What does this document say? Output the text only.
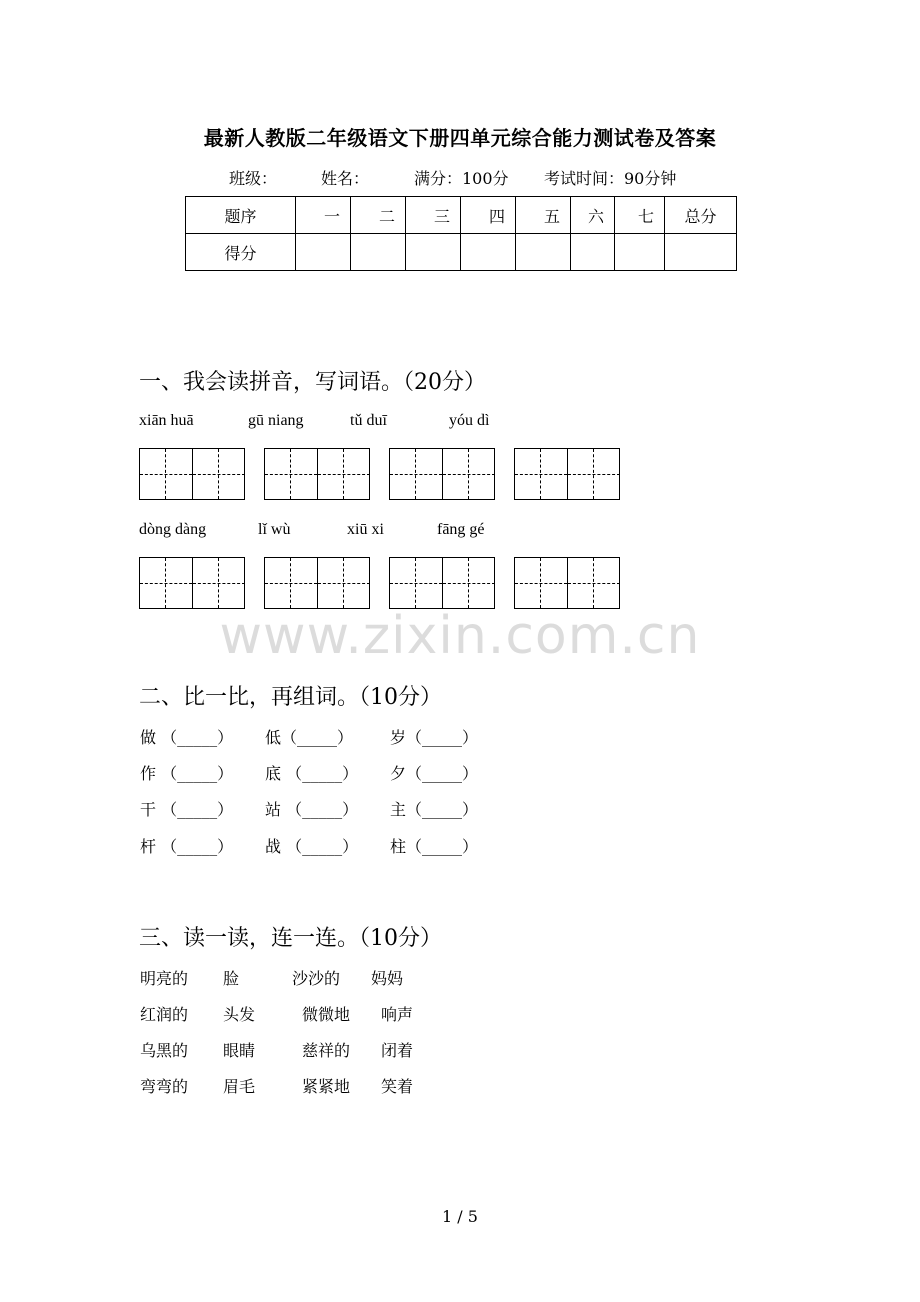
最新人教版二年级语文下册四单元综合能力测试卷及答案
班级：	姓名：	满分：100分 考试时间：90分钟
题序	一	二	三	四	五	六	七	总分
得分								
一、我会读拼音，写词语。（20分）
xiān huā	gū niang	tǔ duī	yóu dì
dòng dàng	lǐ wù	xiū xi	fāng gé
www.zixin.com.cn
二、比一比，再组词。（10分）
做 （_____） 低（_____） 岁（_____）
作 （_____） 底 （_____） 夕（_____）
干 （_____） 站 （_____） 主（_____）
杆 （_____） 战 （_____） 柱（_____）
三、读一读，连一连。（10分）
明亮的 脸	沙沙的 妈妈
红润的 头发	微微地 响声
乌黑的 眼睛	慈祥的 闭着
弯弯的 眉毛	紧紧地 笑着
1 / 5
